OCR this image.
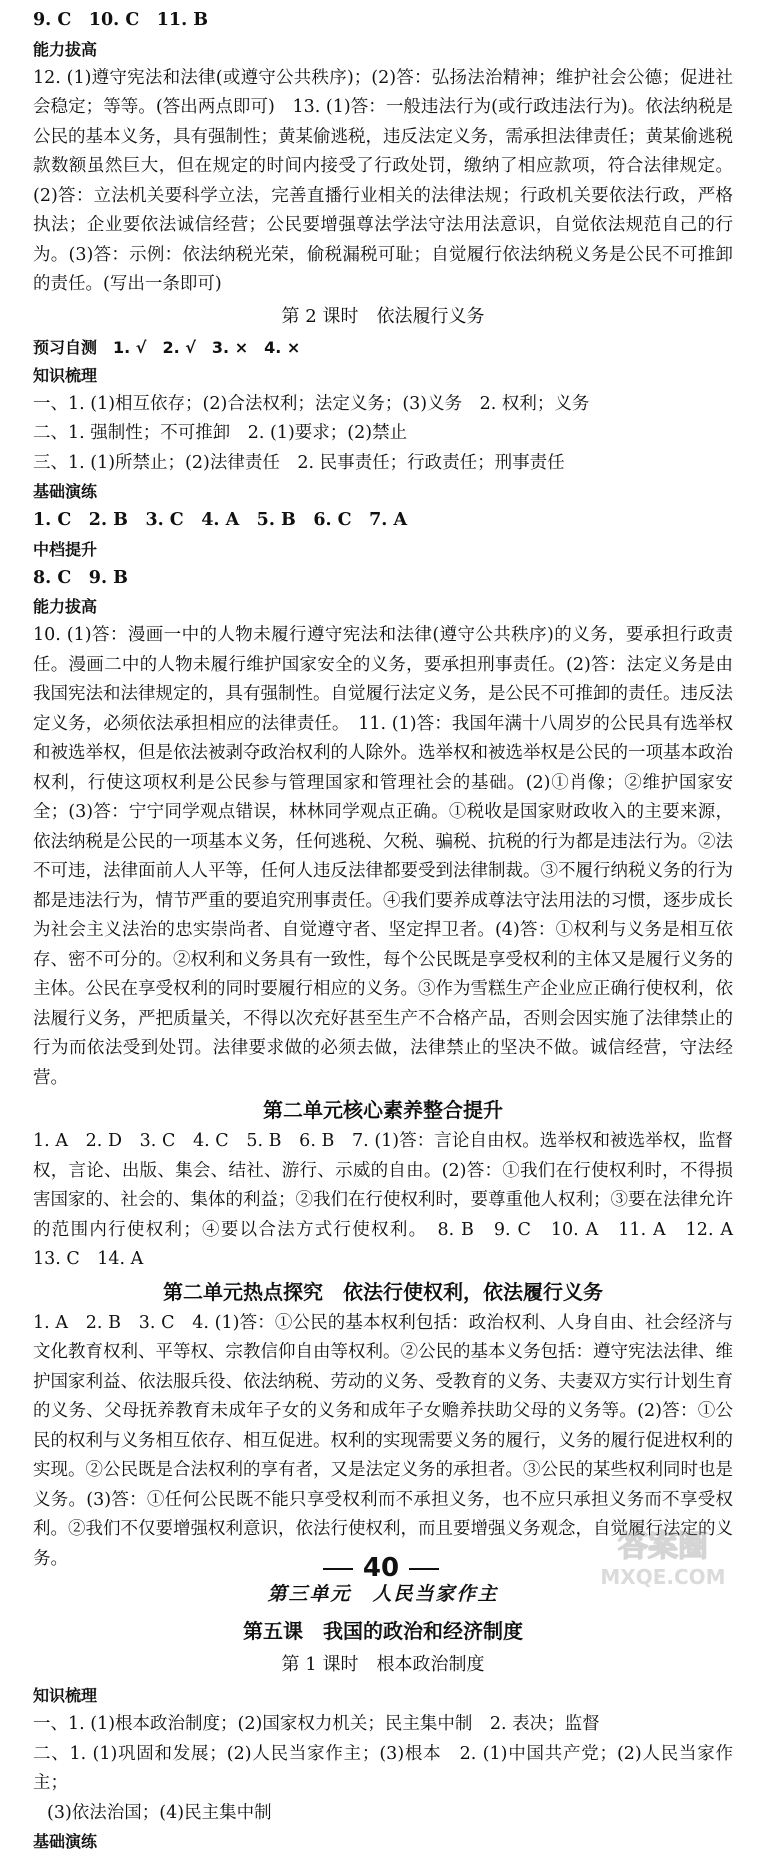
9. C　10. C　11. B

能力拔高

12. (1)遵守宪法和法律(或遵守公共秩序)；(2)答：弘扬法治精神；维护社会公德；促进社会稳定；等等。(答出两点即可)　13. (1)答：一般违法行为(或行政违法行为)。依法纳税是公民的基本义务，具有强制性；黄某偷逃税，违反法定义务，需承担法律责任；黄某偷逃税款数额虽然巨大，但在规定的时间内接受了行政处罚，缴纳了相应款项，符合法律规定。(2)答：立法机关要科学立法，完善直播行业相关的法律法规；行政机关要依法行政，严格执法；企业要依法诚信经营；公民要增强尊法学法守法用法意识，自觉依法规范自己的行为。(3)答：示例：依法纳税光荣，偷税漏税可耻；自觉履行依法纳税义务是公民不可推卸的责任。(写出一条即可)

第 2 课时　依法履行义务

预习自测　1. √　2. √　3. ×　4. ×

知识梳理

一、1. (1)相互依存；(2)合法权利；法定义务；(3)义务　2. 权利；义务

二、1. 强制性；不可推卸　2. (1)要求；(2)禁止

三、1. (1)所禁止；(2)法律责任　2. 民事责任；行政责任；刑事责任

基础演练

1. C　2. B　3. C　4. A　5. B　6. C　7. A

中档提升

8. C　9. B

能力拔高

10. (1)答：漫画一中的人物未履行遵守宪法和法律(遵守公共秩序)的义务，要承担行政责任。漫画二中的人物未履行维护国家安全的义务，要承担刑事责任。(2)答：法定义务是由我国宪法和法律规定的，具有强制性。自觉履行法定义务，是公民不可推卸的责任。违反法定义务，必须依法承担相应的法律责任。　11. (1)答：我国年满十八周岁的公民具有选举权和被选举权，但是依法被剥夺政治权利的人除外。选举权和被选举权是公民的一项基本政治权利，行使这项权利是公民参与管理国家和管理社会的基础。(2)①肖像；②维护国家安全；(3)答：宁宁同学观点错误，林林同学观点正确。①税收是国家财政收入的主要来源，依法纳税是公民的一项基本义务，任何逃税、欠税、骗税、抗税的行为都是违法行为。②法不可违，法律面前人人平等，任何人违反法律都要受到法律制裁。③不履行纳税义务的行为都是违法行为，情节严重的要追究刑事责任。④我们要养成尊法守法用法的习惯，逐步成长为社会主义法治的忠实崇尚者、自觉遵守者、坚定捍卫者。(4)答：①权利与义务是相互依存、密不可分的。②权利和义务具有一致性，每个公民既是享受权利的主体又是履行义务的主体。公民在享受权利的同时要履行相应的义务。③作为雪糕生产企业应正确行使权利，依法履行义务，严把质量关，不得以次充好甚至生产不合格产品，否则会因实施了法律禁止的行为而依法受到处罚。法律要求做的必须去做，法律禁止的坚决不做。诚信经营，守法经营。

第二单元核心素养整合提升

1. A　2. D　3. C　4. C　5. B　6. B　7. (1)答：言论自由权。选举权和被选举权，监督权，言论、出版、集会、结社、游行、示威的自由。(2)答：①我们在行使权利时，不得损害国家的、社会的、集体的利益；②我们在行使权利时，要尊重他人权利；③要在法律允许的范围内行使权利；④要以合法方式行使权利。　8. B　9. C　10. A　11. A　12. A　13. C　14. A

第二单元热点探究　依法行使权利，依法履行义务

1. A　2. B　3. C　4. (1)答：①公民的基本权利包括：政治权利、人身自由、社会经济与文化教育权利、平等权、宗教信仰自由等权利。②公民的基本义务包括：遵守宪法法律、维护国家利益、依法服兵役、依法纳税、劳动的义务、受教育的义务、夫妻双方实行计划生育的义务、父母抚养教育未成年子女的义务和成年子女赡养扶助父母的义务等。(2)答：①公民的权利与义务相互依存、相互促进。权利的实现需要义务的履行，义务的履行促进权利的实现。②公民既是合法权利的享有者，又是法定义务的承担者。③公民的某些权利同时也是义务。(3)答：①任何公民既不能只享受权利而不承担义务，也不应只承担义务而不享受权利。②我们不仅要增强权利意识，依法行使权利，而且要增强义务观念，自觉履行法定的义务。

第三单元　人民当家作主

第五课　我国的政治和经济制度

第 1 课时　根本政治制度

知识梳理

一、1. (1)根本政治制度；(2)国家权力机关；民主集中制　2. 表决；监督

二、1. (1)巩固和发展；(2)人民当家作主；(3)根本　2. (1)中国共产党；(2)人民当家作主；

(3)依法治国；(4)民主集中制

基础演练

40
答案圈
MXQE.COM
